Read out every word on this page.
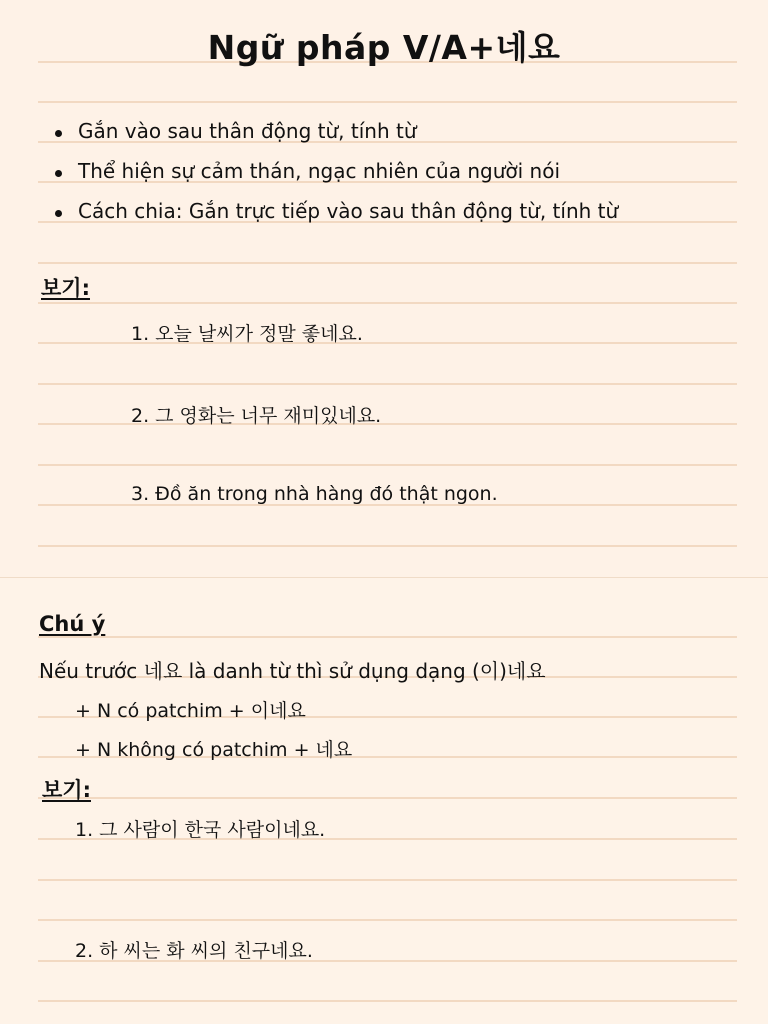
Ngữ pháp V/A+네요
Gắn vào sau thân động từ, tính từ
Thể hiện sự cảm thán, ngạc nhiên của người nói
Cách chia: Gắn trực tiếp vào sau thân động từ, tính từ
보기:
1. 오늘 날씨가 정말 좋네요.
2. 그 영화는 너무 재미있네요.
3. Đồ ăn trong nhà hàng đó thật ngon.
Chú ý
Nếu trước 네요 là danh từ thì sử dụng dạng (이)네요
+ N có patchim + 이네요
+ N không có patchim + 네요
보기:
1. 그 사람이 한국 사람이네요.
2. 하 씨는 화 씨의 친구네요.
